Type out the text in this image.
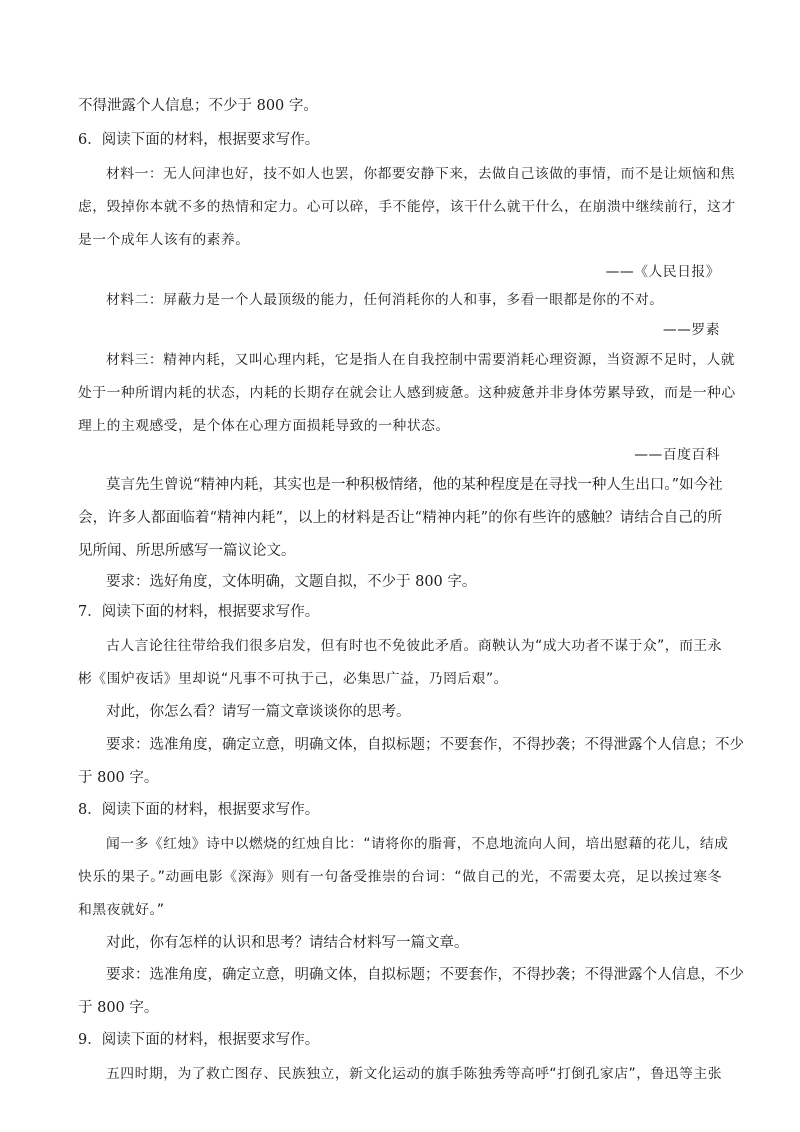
不得泄露个人信息；不少于 800 字。
6．阅读下面的材料，根据要求写作。
材料一：无人问津也好，技不如人也罢，你都要安静下来，去做自己该做的事情，而不是让烦恼和焦
虑，毁掉你本就不多的热情和定力。心可以碎，手不能停，该干什么就干什么，在崩溃中继续前行，这才
是一个成年人该有的素养。
——《人民日报》
材料二：屏蔽力是一个人最顶级的能力，任何消耗你的人和事，多看一眼都是你的不对。
——罗素
材料三：精神内耗，又叫心理内耗，它是指人在自我控制中需要消耗心理资源，当资源不足时，人就
处于一种所谓内耗的状态，内耗的长期存在就会让人感到疲惫。这种疲惫并非身体劳累导致，而是一种心
理上的主观感受，是个体在心理方面损耗导致的一种状态。
——百度百科
莫言先生曾说“精神内耗，其实也是一种积极情绪，他的某种程度是在寻找一种人生出口。”如今社
会，许多人都面临着“精神内耗”，以上的材料是否让“精神内耗”的你有些许的感触？请结合自己的所
见所闻、所思所感写一篇议论文。
要求：选好角度，文体明确，文题自拟，不少于 800 字。
7．阅读下面的材料，根据要求写作。
古人言论往往带给我们很多启发，但有时也不免彼此矛盾。商鞅认为“成大功者不谋于众”，而王永
彬《围炉夜话》里却说“凡事不可执于己，必集思广益，乃罔后艰”。
对此，你怎么看？请写一篇文章谈谈你的思考。
要求：选准角度，确定立意，明确文体，自拟标题；不要套作，不得抄袭；不得泄露个人信息；不少
于 800 字。
8．阅读下面的材料，根据要求写作。
闻一多《红烛》诗中以燃烧的红烛自比：“请将你的脂膏，不息地流向人间，培出慰藉的花儿，结成
快乐的果子。”动画电影《深海》则有一句备受推崇的台词：“做自己的光，不需要太亮，足以挨过寒冬
和黑夜就好。”
对此，你有怎样的认识和思考？请结合材料写一篇文章。
要求：选准角度，确定立意，明确文体，自拟标题；不要套作，不得抄袭；不得泄露个人信息，不少
于 800 字。
9．阅读下面的材料，根据要求写作。
五四时期，为了救亡图存、民族独立，新文化运动的旗手陈独秀等高呼“打倒孔家店”，鲁迅等主张
